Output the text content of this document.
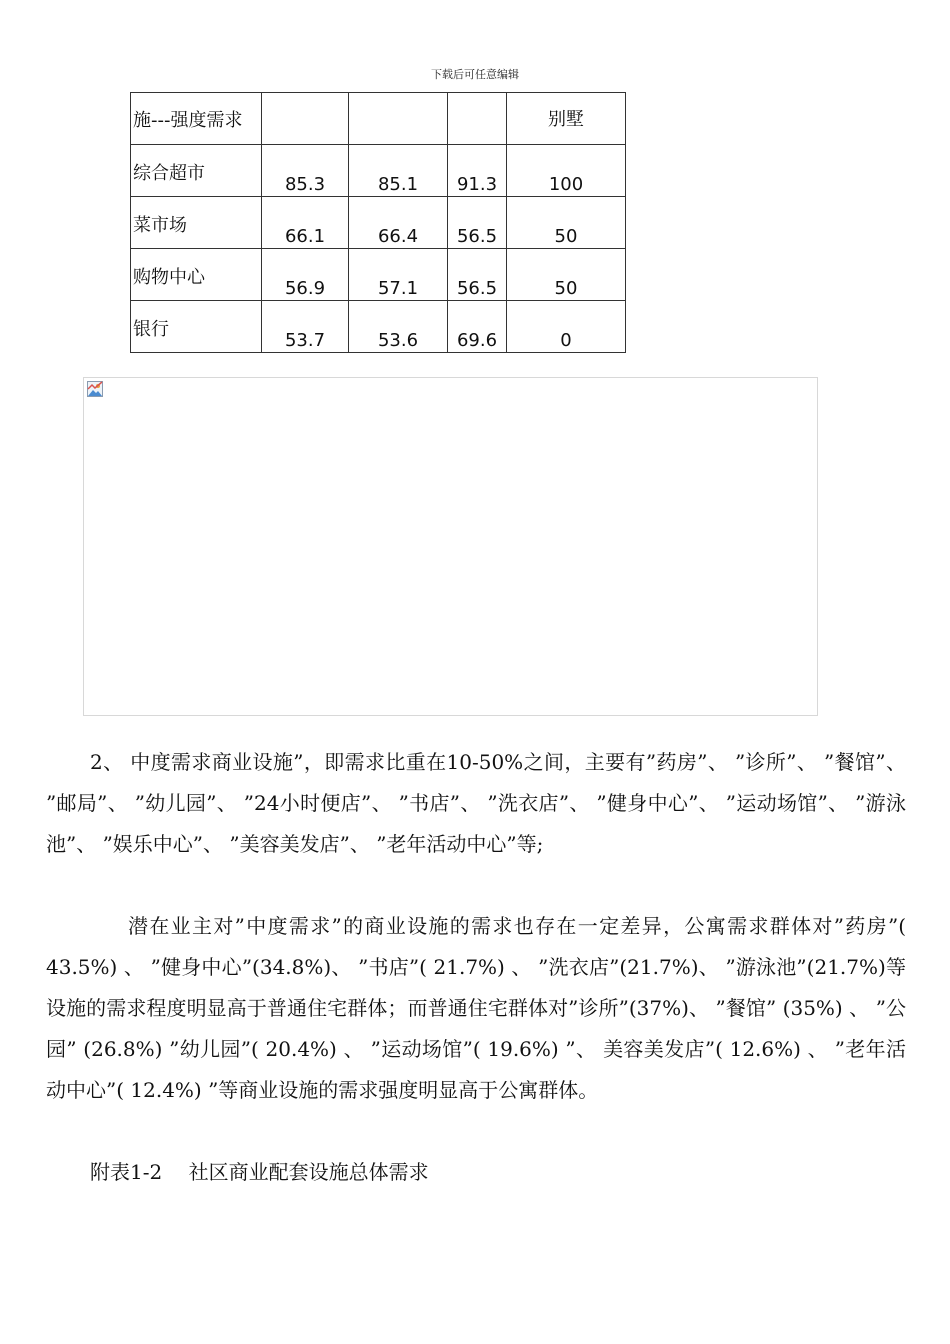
下载后可任意编辑
施---强度需求				别墅
综合超市	85.3	85.1	91.3	100
菜市场	66.1	66.4	56.5	50
购物中心	56.9	57.1	56.5	50
银行	53.7	53.6	69.6	0

2、 中度需求商业设施”，即需求比重在10-50%之间，主要有”药房”、 ”诊所”、 ”餐馆”、 ”邮局”、 ”幼儿园”、 ”24小时便店”、 ”书店”、 ”洗衣店”、 ”健身中心”、 ”运动场馆”、 ”游泳池”、 ”娱乐中心”、 ”美容美发店”、 ”老年活动中心”等;

潜在业主对”中度需求”的商业设施的需求也存在一定差异，公寓需求群体对”药房”( 43.5%) 、 ”健身中心”(34.8%)、 ”书店”( 21.7%) 、 ”洗衣店”(21.7%)、 ”游泳池”(21.7%)等设施的需求程度明显高于普通住宅群体；而普通住宅群体对”诊所”(37%)、 ”餐馆” (35%) 、 ”公园” (26.8%) ”幼儿园”( 20.4%) 、 ”运动场馆”( 19.6%) ”、 美容美发店”( 12.6%) 、 ”老年活动中心”( 12.4%) ”等商业设施的需求强度明显高于公寓群体。

附表1-2　 社区商业配套设施总体需求
